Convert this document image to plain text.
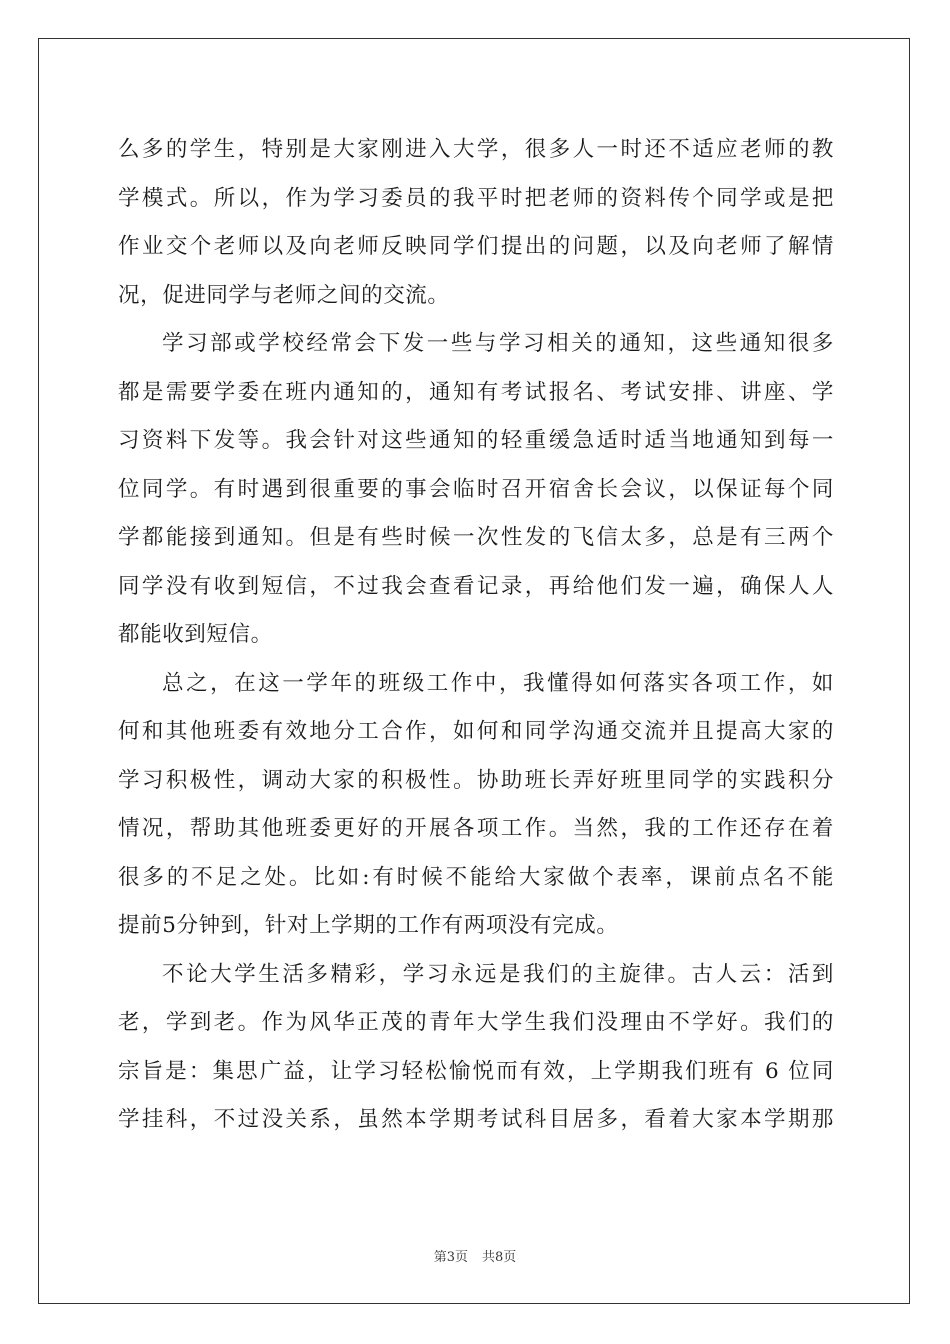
么多的学生，特别是大家刚进入大学，很多人一时还不适应老师的教
学模式。所以，作为学习委员的我平时把老师的资料传个同学或是把
作业交个老师以及向老师反映同学们提出的问题，以及向老师了解情
况，促进同学与老师之间的交流。
学习部或学校经常会下发一些与学习相关的通知，这些通知很多
都是需要学委在班内通知的，通知有考试报名、考试安排、讲座、学
习资料下发等。我会针对这些通知的轻重缓急适时适当地通知到每一
位同学。有时遇到很重要的事会临时召开宿舍长会议，以保证每个同
学都能接到通知。但是有些时候一次性发的飞信太多，总是有三两个
同学没有收到短信，不过我会查看记录，再给他们发一遍，确保人人
都能收到短信。
总之，在这一学年的班级工作中，我懂得如何落实各项工作，如
何和其他班委有效地分工合作，如何和同学沟通交流并且提高大家的
学习积极性，调动大家的积极性。协助班长弄好班里同学的实践积分
情况，帮助其他班委更好的开展各项工作。当然，我的工作还存在着
很多的不足之处。比如:有时候不能给大家做个表率，课前点名不能
提前5分钟到，针对上学期的工作有两项没有完成。
不论大学生活多精彩，学习永远是我们的主旋律。古人云：活到
老，学到老。作为风华正茂的青年大学生我们没理由不学好。我们的
宗旨是：集思广益，让学习轻松愉悦而有效，上学期我们班有 6 位同
学挂科，不过没关系，虽然本学期考试科目居多，看着大家本学期那
第3页 共8页
